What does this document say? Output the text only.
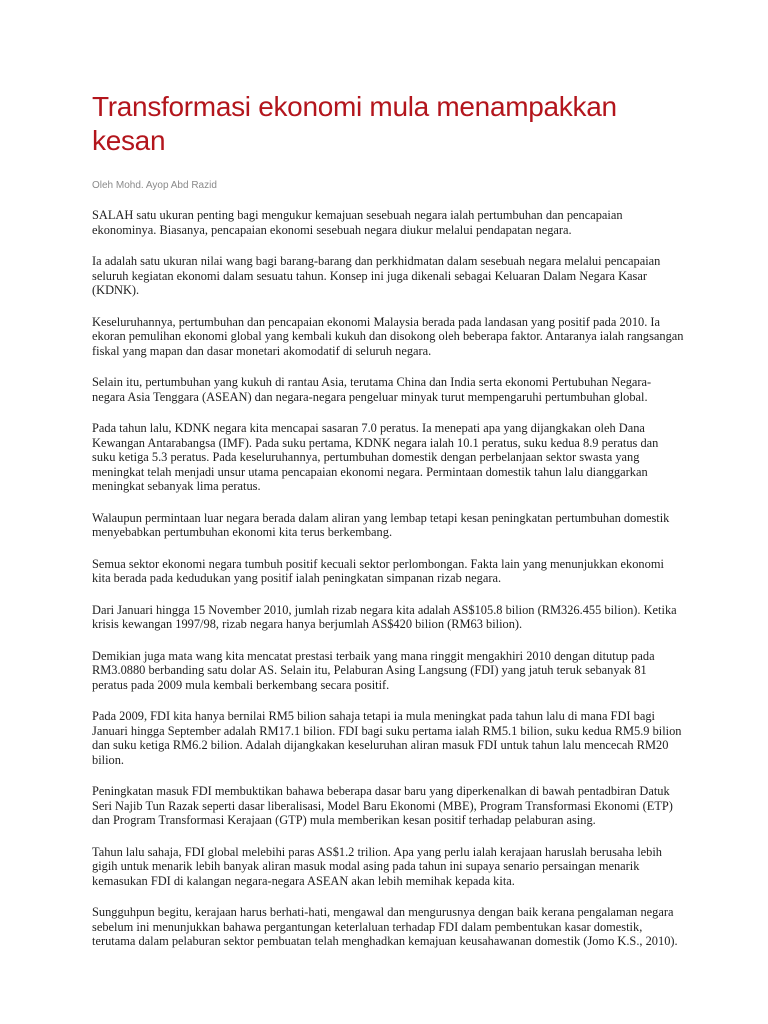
Transformasi ekonomi mula menampakkan kesan
Oleh Mohd. Ayop Abd Razid

SALAH satu ukuran penting bagi mengukur kemajuan sesebuah negara ialah pertumbuhan dan pencapaian ekonominya. Biasanya, pencapaian ekonomi sesebuah negara diukur melalui pendapatan negara.

Ia adalah satu ukuran nilai wang bagi barang-barang dan perkhidmatan dalam sesebuah negara melalui pencapaian seluruh kegiatan ekonomi dalam sesuatu tahun. Konsep ini juga dikenali sebagai Keluaran Dalam Negara Kasar (KDNK).

Keseluruhannya, pertumbuhan dan pencapaian ekonomi Malaysia berada pada landasan yang positif pada 2010. Ia ekoran pemulihan ekonomi global yang kembali kukuh dan disokong oleh beberapa faktor. Antaranya ialah rangsangan fiskal yang mapan dan dasar monetari akomodatif di seluruh negara.

Selain itu, pertumbuhan yang kukuh di rantau Asia, terutama China dan India serta ekonomi Pertubuhan Negara-negara Asia Tenggara (ASEAN) dan negara-negara pengeluar minyak turut mempengaruhi pertumbuhan global.

Pada tahun lalu, KDNK negara kita mencapai sasaran 7.0 peratus. Ia menepati apa yang dijangkakan oleh Dana Kewangan Antarabangsa (IMF). Pada suku pertama, KDNK negara ialah 10.1 peratus, suku kedua 8.9 peratus dan suku ketiga 5.3 peratus. Pada keseluruhannya, pertumbuhan domestik dengan perbelanjaan sektor swasta yang meningkat telah menjadi unsur utama pencapaian ekonomi negara. Permintaan domestik tahun lalu dianggarkan meningkat sebanyak lima peratus.

Walaupun permintaan luar negara berada dalam aliran yang lembap tetapi kesan peningkatan pertumbuhan domestik menyebabkan pertumbuhan ekonomi kita terus berkembang.

Semua sektor ekonomi negara tumbuh positif kecuali sektor perlombongan. Fakta lain yang menunjukkan ekonomi kita berada pada kedudukan yang positif ialah peningkatan simpanan rizab negara.

Dari Januari hingga 15 November 2010, jumlah rizab negara kita adalah AS$105.8 bilion (RM326.455 bilion). Ketika krisis kewangan 1997/98, rizab negara hanya berjumlah AS$420 bilion (RM63 bilion).

Demikian juga mata wang kita mencatat prestasi terbaik yang mana ringgit mengakhiri 2010 dengan ditutup pada RM3.0880 berbanding satu dolar AS. Selain itu, Pelaburan Asing Langsung (FDI) yang jatuh teruk sebanyak 81 peratus pada 2009 mula kembali berkembang secara positif.

Pada 2009, FDI kita hanya bernilai RM5 bilion sahaja tetapi ia mula meningkat pada tahun lalu di mana FDI bagi Januari hingga September adalah RM17.1 bilion. FDI bagi suku pertama ialah RM5.1 bilion, suku kedua RM5.9 bilion dan suku ketiga RM6.2 bilion. Adalah dijangkakan keseluruhan aliran masuk FDI untuk tahun lalu mencecah RM20 bilion.

Peningkatan masuk FDI membuktikan bahawa beberapa dasar baru yang diperkenalkan di bawah pentadbiran Datuk Seri Najib Tun Razak seperti dasar liberalisasi, Model Baru Ekonomi (MBE), Program Transformasi Ekonomi (ETP) dan Program Transformasi Kerajaan (GTP) mula memberikan kesan positif terhadap pelaburan asing.

Tahun lalu sahaja, FDI global melebihi paras AS$1.2 trilion. Apa yang perlu ialah kerajaan haruslah berusaha lebih gigih untuk menarik lebih banyak aliran masuk modal asing pada tahun ini supaya senario persaingan menarik kemasukan FDI di kalangan negara-negara ASEAN akan lebih memihak kepada kita.

Sungguhpun begitu, kerajaan harus berhati-hati, mengawal dan mengurusnya dengan baik kerana pengalaman negara sebelum ini menunjukkan bahawa pergantungan keterlaluan terhadap FDI dalam pembentukan kasar domestik, terutama dalam pelaburan sektor pembuatan telah menghadkan kemajuan keusahawanan domestik (Jomo K.S., 2010).
